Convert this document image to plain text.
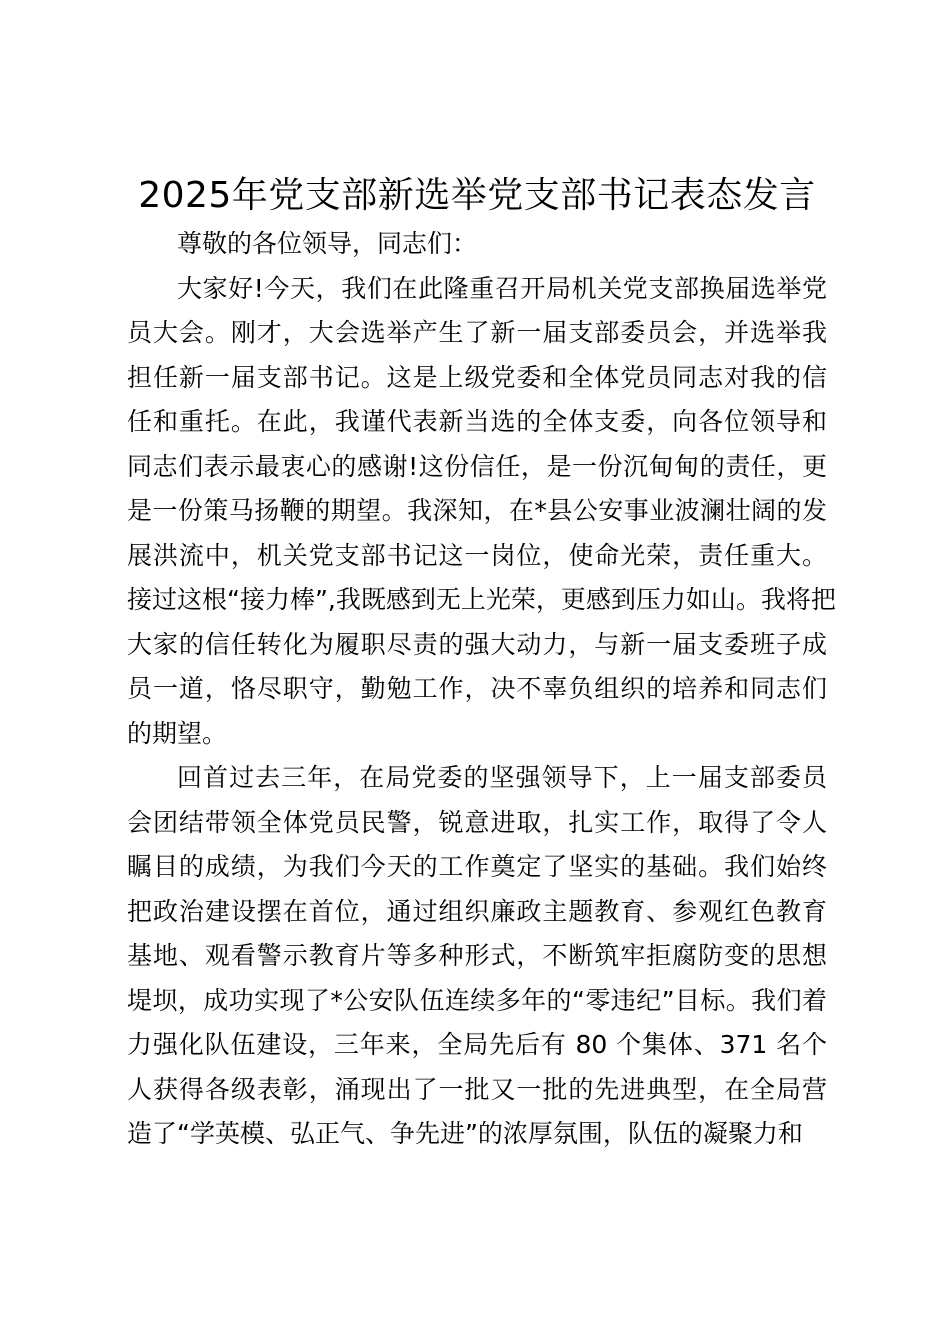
2025年党支部新选举党支部书记表态发言

尊敬的各位领导，同志们：

大家好!今天，我们在此隆重召开局机关党支部换届选举党
员大会。刚才，大会选举产生了新一届支部委员会，并选举我
担任新一届支部书记。这是上级党委和全体党员同志对我的信
任和重托。在此，我谨代表新当选的全体支委，向各位领导和
同志们表示最衷心的感谢!这份信任，是一份沉甸甸的责任，更
是一份策马扬鞭的期望。我深知，在*县公安事业波澜壮阔的发
展洪流中，机关党支部书记这一岗位，使命光荣，责任重大。
接过这根“接力棒”,我既感到无上光荣，更感到压力如山。我将把
大家的信任转化为履职尽责的强大动力，与新一届支委班子成
员一道，恪尽职守，勤勉工作，决不辜负组织的培养和同志们
的期望。

回首过去三年，在局党委的坚强领导下，上一届支部委员
会团结带领全体党员民警，锐意进取，扎实工作，取得了令人
瞩目的成绩，为我们今天的工作奠定了坚实的基础。我们始终
把政治建设摆在首位，通过组织廉政主题教育、参观红色教育
基地、观看警示教育片等多种形式，不断筑牢拒腐防变的思想
堤坝，成功实现了*公安队伍连续多年的“零违纪”目标。我们着
力强化队伍建设，三年来，全局先后有 80 个集体、371 名个
人获得各级表彰，涌现出了一批又一批的先进典型，在全局营
造了“学英模、弘正气、争先进”的浓厚氛围，队伍的凝聚力和
